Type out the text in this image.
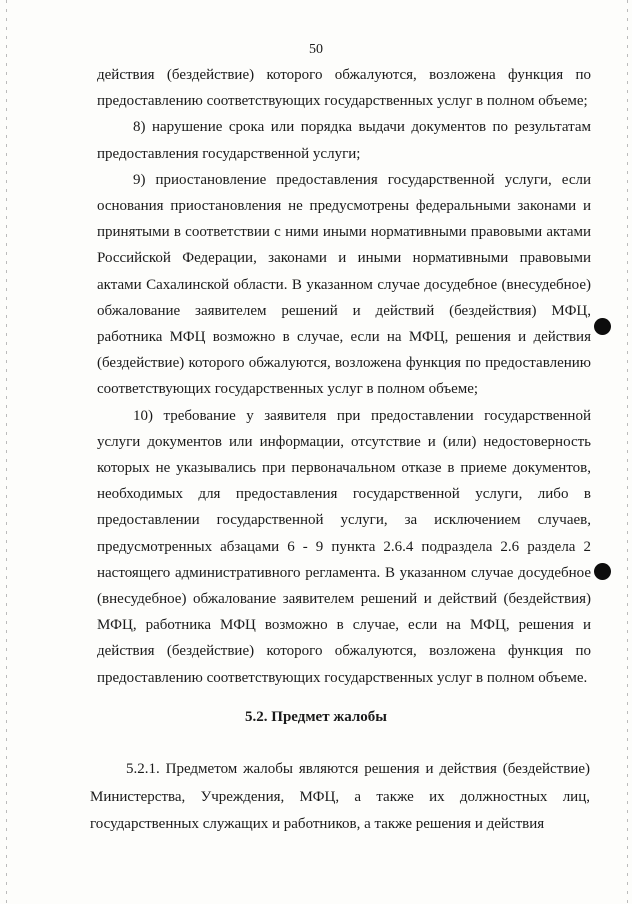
50

действия (бездействие) которого обжалуются, возложена функция по предоставлению соответствующих государственных услуг в полном объеме;

8) нарушение срока или порядка выдачи документов по результатам предоставления государственной услуги;

9) приостановление предоставления государственной услуги, если основания приостановления не предусмотрены федеральными законами и принятыми в соответствии с ними иными нормативными правовыми актами Российской Федерации, законами и иными нормативными правовыми актами Сахалинской области. В указанном случае досудебное (внесудебное) обжалование заявителем решений и действий (бездействия) МФЦ, работника МФЦ возможно в случае, если на МФЦ, решения и действия (бездействие) которого обжалуются, возложена функция по предоставлению соответствующих государственных услуг в полном объеме;

10) требование у заявителя при предоставлении государственной услуги документов или информации, отсутствие и (или) недостоверность которых не указывались при первоначальном отказе в приеме документов, необходимых для предоставления государственной услуги, либо в предоставлении государственной услуги, за исключением случаев, предусмотренных абзацами 6 - 9 пункта 2.6.4 подраздела 2.6 раздела 2 настоящего административного регламента. В указанном случае досудебное (внесудебное) обжалование заявителем решений и действий (бездействия) МФЦ, работника МФЦ возможно в случае, если на МФЦ, решения и действия (бездействие) которого обжалуются, возложена функция по предоставлению соответствующих государственных услуг в полном объеме.

5.2. Предмет жалобы

5.2.1. Предметом жалобы являются решения и действия (бездействие) Министерства, Учреждения, МФЦ, а также их должностных лиц, государственных служащих и работников, а также решения и действия
